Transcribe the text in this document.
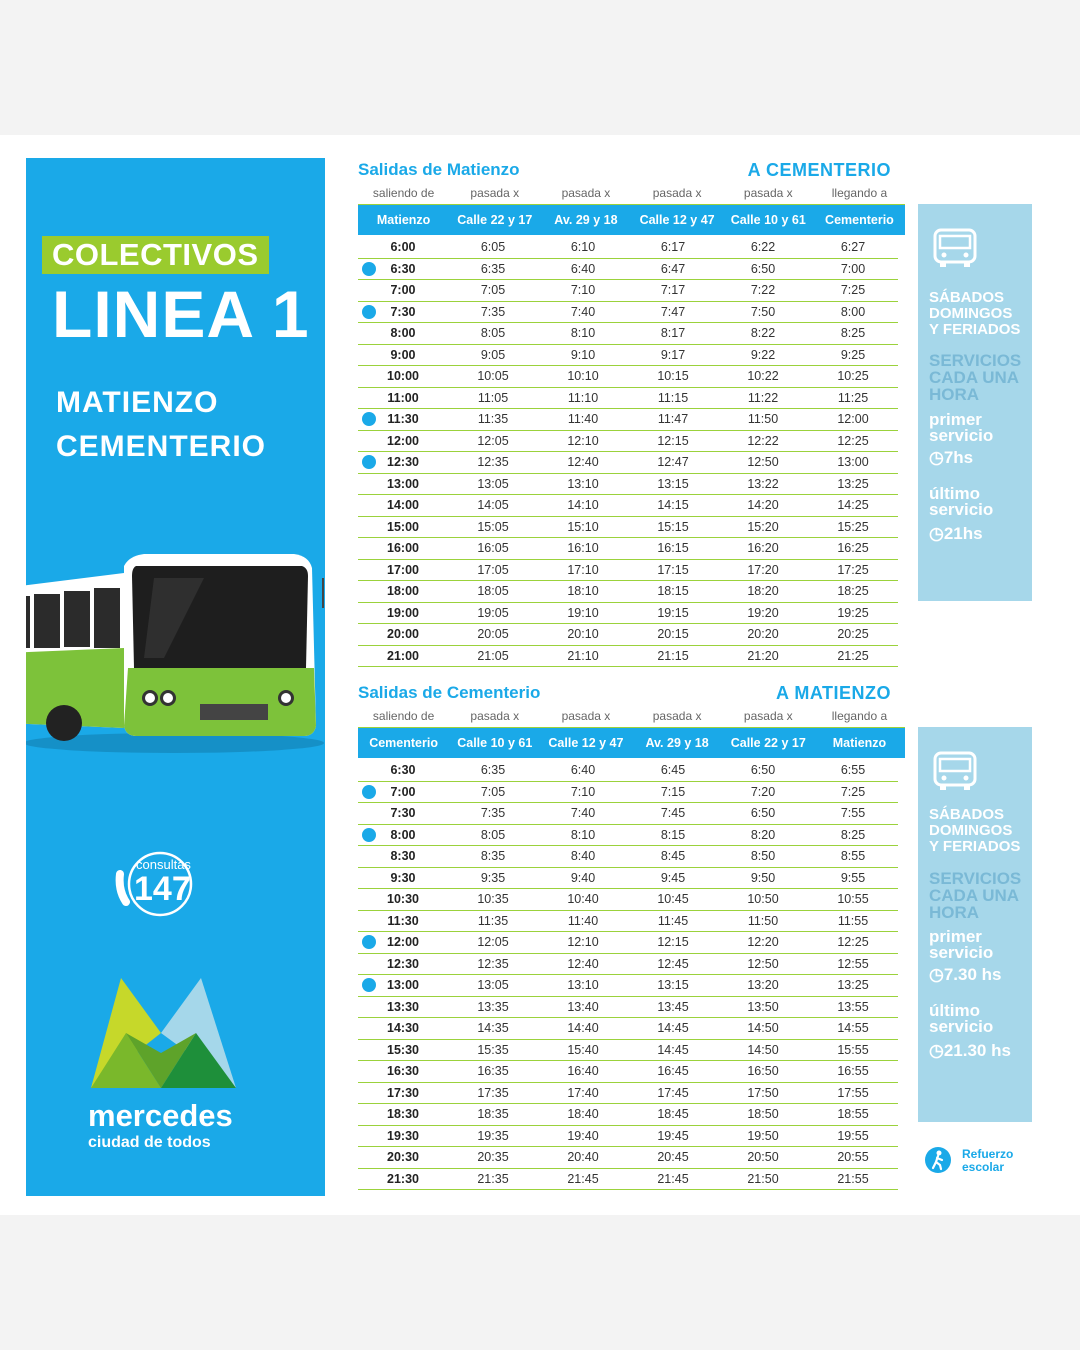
COLECTIVOS
LINEA 1
MATIENZO
CEMENTERIO
consultas
147
mercedes
ciudad de todos
Salidas de Matienzo	A CEMENTERIO
saliendo de	pasada x	pasada x	pasada x	pasada x	llegando a
Matienzo	Calle 22 y 17	Av. 29 y 18	Calle 12 y 47	Calle 10 y 61	Cementerio
6:00	6:05	6:10	6:17	6:22	6:27
6:30	6:35	6:40	6:47	6:50	7:00
7:00	7:05	7:10	7:17	7:22	7:25
7:30	7:35	7:40	7:47	7:50	8:00
8:00	8:05	8:10	8:17	8:22	8:25
9:00	9:05	9:10	9:17	9:22	9:25
10:00	10:05	10:10	10:15	10:22	10:25
11:00	11:05	11:10	11:15	11:22	11:25
11:30	11:35	11:40	11:47	11:50	12:00
12:00	12:05	12:10	12:15	12:22	12:25
12:30	12:35	12:40	12:47	12:50	13:00
13:00	13:05	13:10	13:15	13:22	13:25
14:00	14:05	14:10	14:15	14:20	14:25
15:00	15:05	15:10	15:15	15:20	15:25
16:00	16:05	16:10	16:15	16:20	16:25
17:00	17:05	17:10	17:15	17:20	17:25
18:00	18:05	18:10	18:15	18:20	18:25
19:00	19:05	19:10	19:15	19:20	19:25
20:00	20:05	20:10	20:15	20:20	20:25
21:00	21:05	21:10	21:15	21:20	21:25
Salidas de Cementerio	A MATIENZO
saliendo de	pasada x	pasada x	pasada x	pasada x	llegando a
Cementerio	Calle 10 y 61	Calle 12 y 47	Av. 29 y 18	Calle 22 y 17	Matienzo
6:30	6:35	6:40	6:45	6:50	6:55
7:00	7:05	7:10	7:15	7:20	7:25
7:30	7:35	7:40	7:45	6:50	7:55
8:00	8:05	8:10	8:15	8:20	8:25
8:30	8:35	8:40	8:45	8:50	8:55
9:30	9:35	9:40	9:45	9:50	9:55
10:30	10:35	10:40	10:45	10:50	10:55
11:30	11:35	11:40	11:45	11:50	11:55
12:00	12:05	12:10	12:15	12:20	12:25
12:30	12:35	12:40	12:45	12:50	12:55
13:00	13:05	13:10	13:15	13:20	13:25
13:30	13:35	13:40	13:45	13:50	13:55
14:30	14:35	14:40	14:45	14:50	14:55
15:30	15:35	15:40	14:45	14:50	15:55
16:30	16:35	16:40	16:45	16:50	16:55
17:30	17:35	17:40	17:45	17:50	17:55
18:30	18:35	18:40	18:45	18:50	18:55
19:30	19:35	19:40	19:45	19:50	19:55
20:30	20:35	20:40	20:45	20:50	20:55
21:30	21:35	21:45	21:45	21:50	21:55
SÁBADOS
DOMINGOS
Y FERIADOS
SERVICIOS
CADA UNA
HORA
primer
servicio
◷7hs
último
servicio
◷21hs
SÁBADOS
DOMINGOS
Y FERIADOS
SERVICIOS
CADA UNA
HORA
primer
servicio
◷7.30 hs
último
servicio
◷21.30 hs
Refuerzo
escolar
